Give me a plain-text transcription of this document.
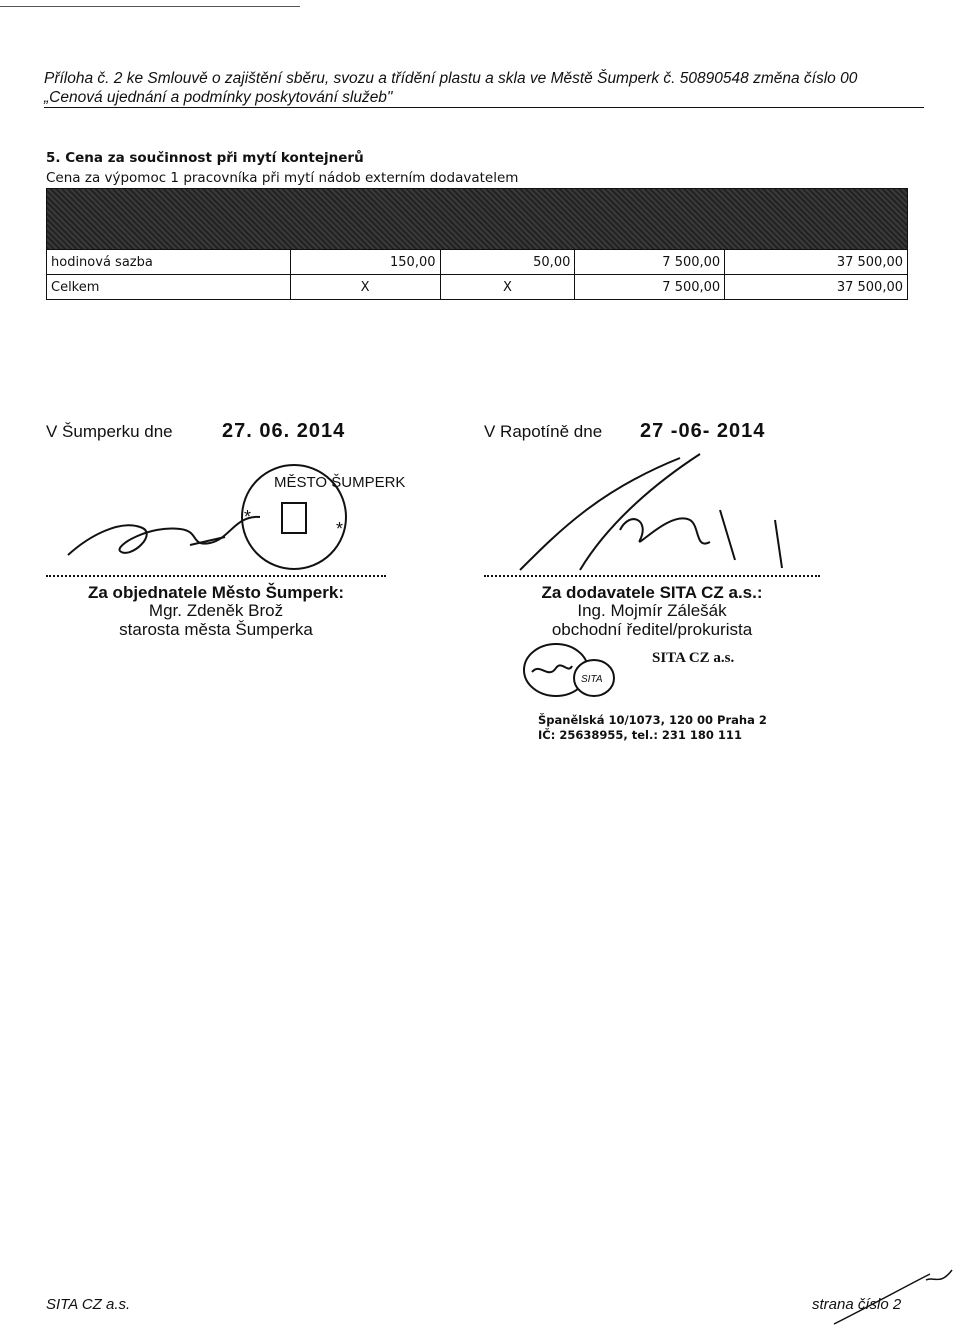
Příloha č. 2 ke Smlouvě o zajištění sběru, svozu a třídění plastu a skla ve Městě Šumperk č. 50890548 změna číslo 00
„Cenová ujednání a podmínky poskytování služeb"
5. Cena za součinnost při mytí kontejnerů
Cena za výpomoc 1 pracovníka při mytí nádob externím dodavatelem

hodinová sazba	150,00	50,00	7 500,00	37 500,00
Celkem	X	X	7 500,00	37 500,00
V Šumperku dne 27. 06. 2014
MĚSTO ŠUMPERK
*
*
Za objednatele Město Šumperk:
Mgr. Zdeněk Brož
starosta města Šumperka
V Rapotíně dne 27 -06- 2014
Za dodavatele SITA CZ a.s.:
Ing. Mojmír Zálešák
obchodní ředitel/prokurista
SITA
SITA CZ a.s.
Španělská 10/1073, 120 00 Praha 2
IČ: 25638955, tel.: 231 180 111
SITA CZ a.s.	strana číslo 2
